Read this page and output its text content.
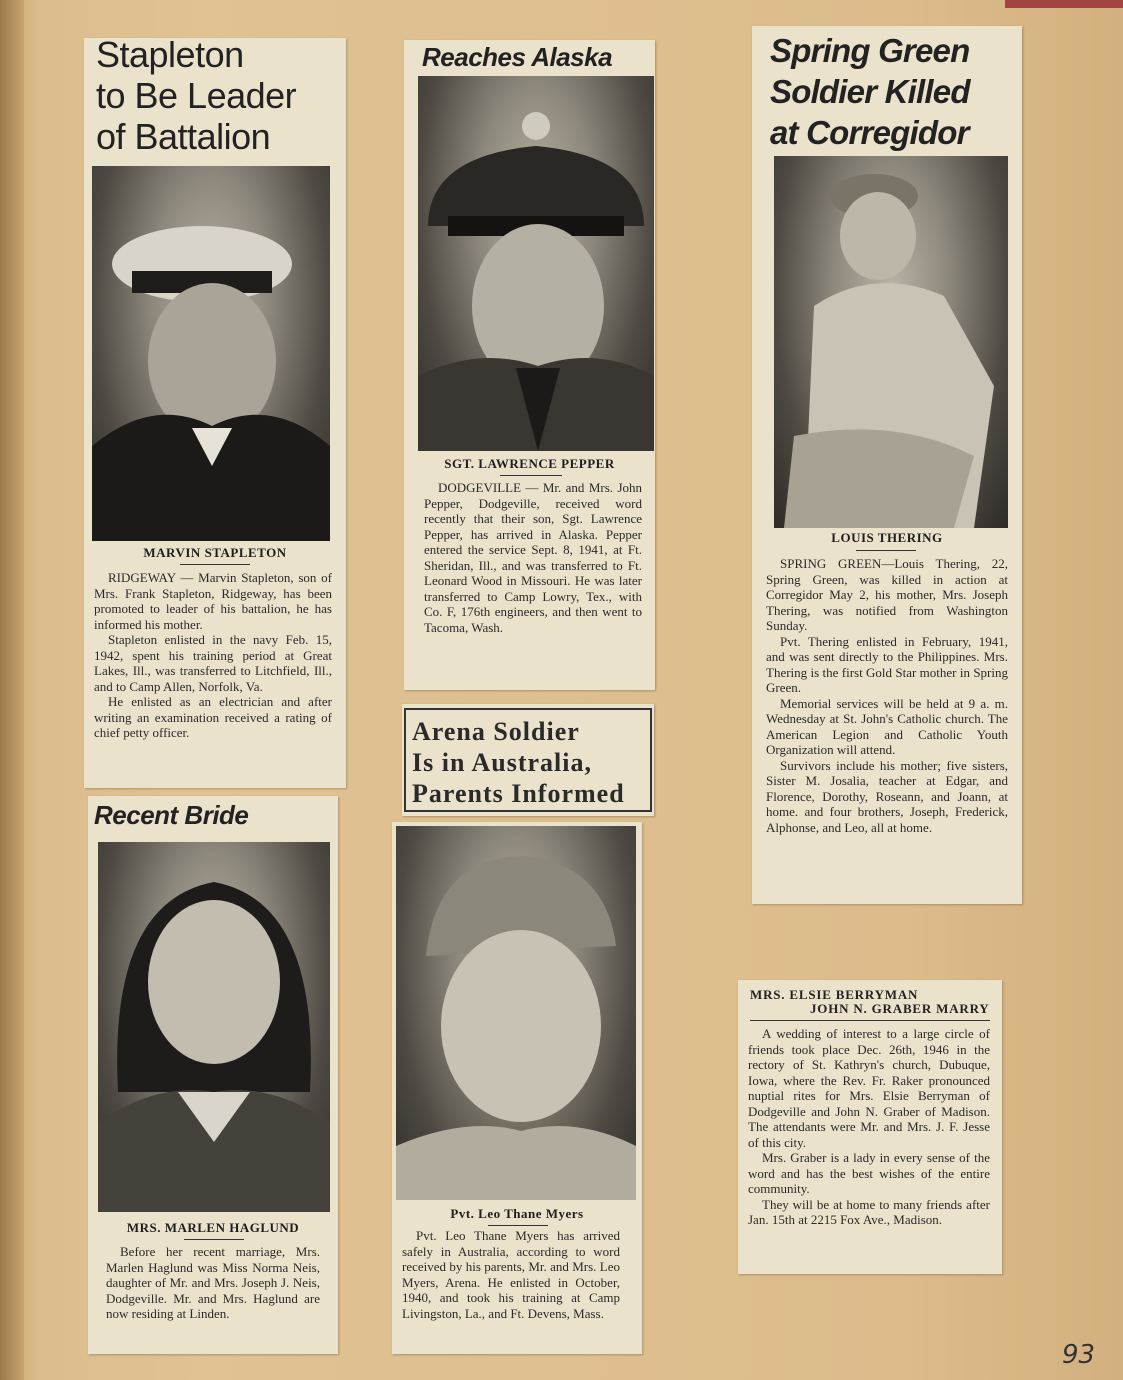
Stapleton
to Be Leader
of Battalion
MARVIN STAPLETON

RIDGEWAY — Marvin Stapleton, son of Mrs. Frank Stapleton, Ridgeway, has been promoted to leader of his battalion, he has informed his mother.

Stapleton enlisted in the navy Feb. 15, 1942, spent his training period at Great Lakes, Ill., was transferred to Litchfield, Ill., and to Camp Allen, Norfolk, Va.

He enlisted as an electrician and after writing an examination received a rating of chief petty officer.

Reaches Alaska
SGT. LAWRENCE PEPPER

DODGEVILLE — Mr. and Mrs. John Pepper, Dodgeville, received word recently that their son, Sgt. Lawrence Pepper, has arrived in Alaska. Pepper entered the service Sept. 8, 1941, at Ft. Sheridan, Ill., and was transferred to Ft. Leonard Wood in Missouri. He was later transferred to Camp Lowry, Tex., with Co. F, 176th engineers, and then went to Tacoma, Wash.

Spring Green
Soldier Killed
at Corregidor
LOUIS THERING

SPRING GREEN—Louis Thering, 22, Spring Green, was killed in action at Corregidor May 2, his mother, Mrs. Joseph Thering, was notified from Washington Sunday.

Pvt. Thering enlisted in February, 1941, and was sent directly to the Philippines. Mrs. Thering is the first Gold Star mother in Spring Green.

Memorial services will be held at 9 a. m. Wednesday at St. John's Catholic church. The American Legion and Catholic Youth Organization will attend.

Survivors include his mother; five sisters, Sister M. Josalia, teacher at Edgar, and Florence, Dorothy, Roseann, and Joann, at home. and four brothers, Joseph, Frederick, Alphonse, and Leo, all at home.

Recent Bride
MRS. MARLEN HAGLUND

Before her recent marriage, Mrs. Marlen Haglund was Miss Norma Neis, daughter of Mr. and Mrs. Joseph J. Neis, Dodgeville. Mr. and Mrs. Haglund are now residing at Linden.

Arena Soldier
Is in Australia,
Parents Informed
Pvt. Leo Thane Myers

Pvt. Leo Thane Myers has arrived safely in Australia, according to word received by his parents, Mr. and Mrs. Leo Myers, Arena. He enlisted in October, 1940, and took his training at Camp Livingston, La., and Ft. Devens, Mass.

MRS. ELSIE BERRYMAN
JOHN N. GRABER MARRY

A wedding of interest to a large circle of friends took place Dec. 26th, 1946 in the rectory of St. Kathryn's church, Dubuque, Iowa, where the Rev. Fr. Raker pronounced nuptial rites for Mrs. Elsie Berryman of Dodgeville and John N. Graber of Madison. The attendants were Mr. and Mrs. J. F. Jesse of this city.

Mrs. Graber is a lady in every sense of the word and has the best wishes of the entire community.

They will be at home to many friends after Jan. 15th at 2215 Fox Ave., Madison.

93
